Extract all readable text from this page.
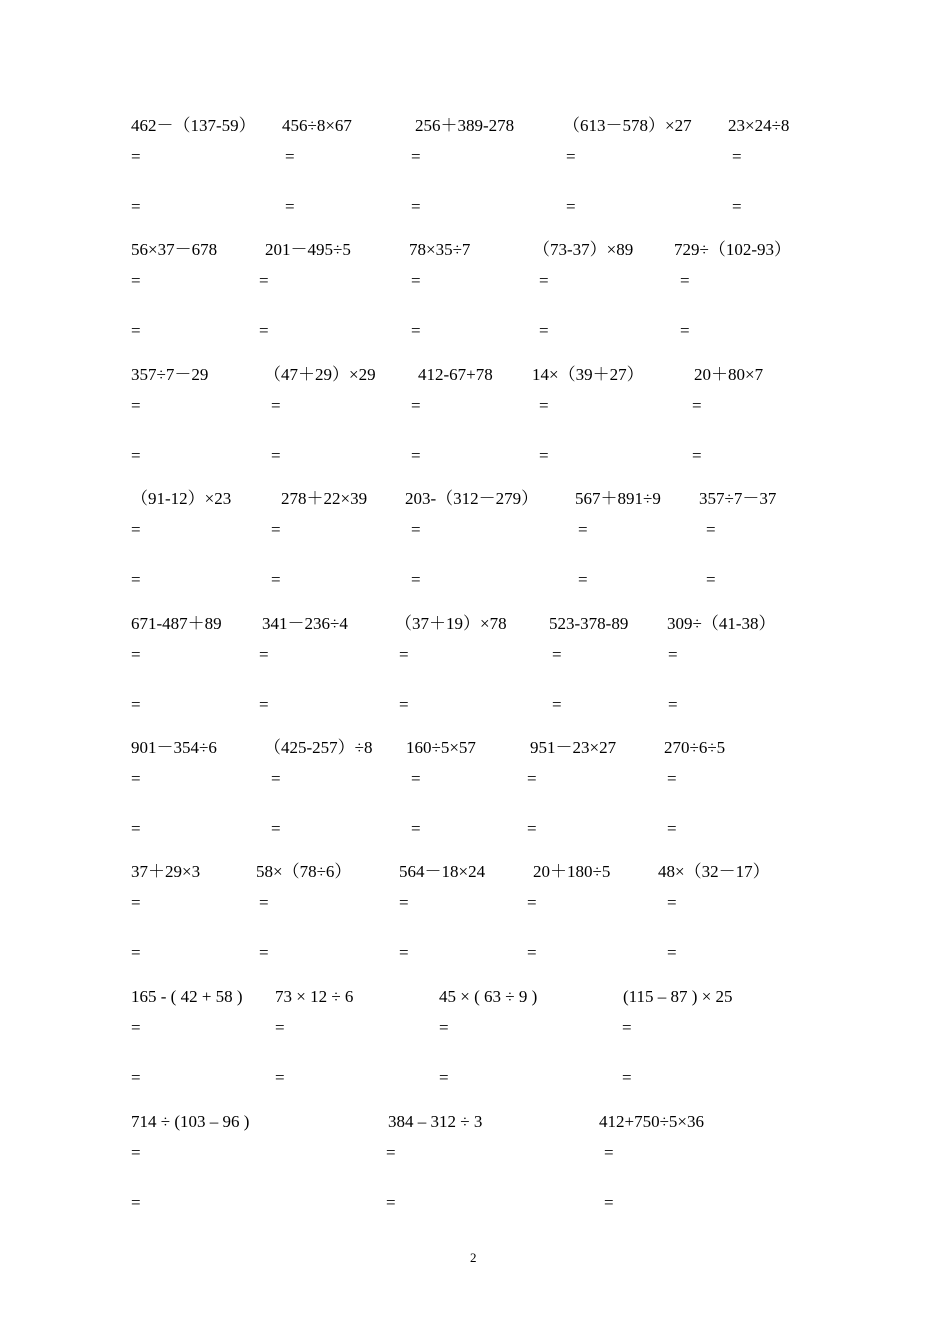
462－（137-59）
=
=
456÷8×67
=
=
256＋389-278
=
=
（613－578）×27
=
=
23×24÷8
=
=
56×37－678
=
=
201－495÷5
=
=
78×35÷7
=
=
（73-37）×89
=
=
729÷（102-93）
=
=
357÷7－29
=
=
（47＋29）×29
=
=
412-67+78
=
=
14×（39＋27）
=
=
20＋80×7
=
=
（91-12）×23
=
=
278＋22×39
=
=
203-（312－279）
=
=
567＋891÷9
=
=
357÷7－37
=
=
671-487＋89
=
=
341－236÷4
=
=
（37＋19）×78
=
=
523-378-89
=
=
309÷（41-38）
=
=
901－354÷6
=
=
（425-257）÷8
=
=
160÷5×57
=
=
951－23×27
=
=
270÷6÷5
=
=
37＋29×3
=
=
58×（78÷6）
=
=
564－18×24
=
=
20＋180÷5
=
=
48×（32－17）
=
=
165 - ( 42 + 58 )
=
=
73 × 12 ÷ 6
=
=
45 × ( 63 ÷ 9 )
=
=
(115 – 87 ) × 25
=
=
714 ÷ (103 – 96 )
=
=
384 – 312 ÷ 3
=
=
412+750÷5×36
=
=
2
